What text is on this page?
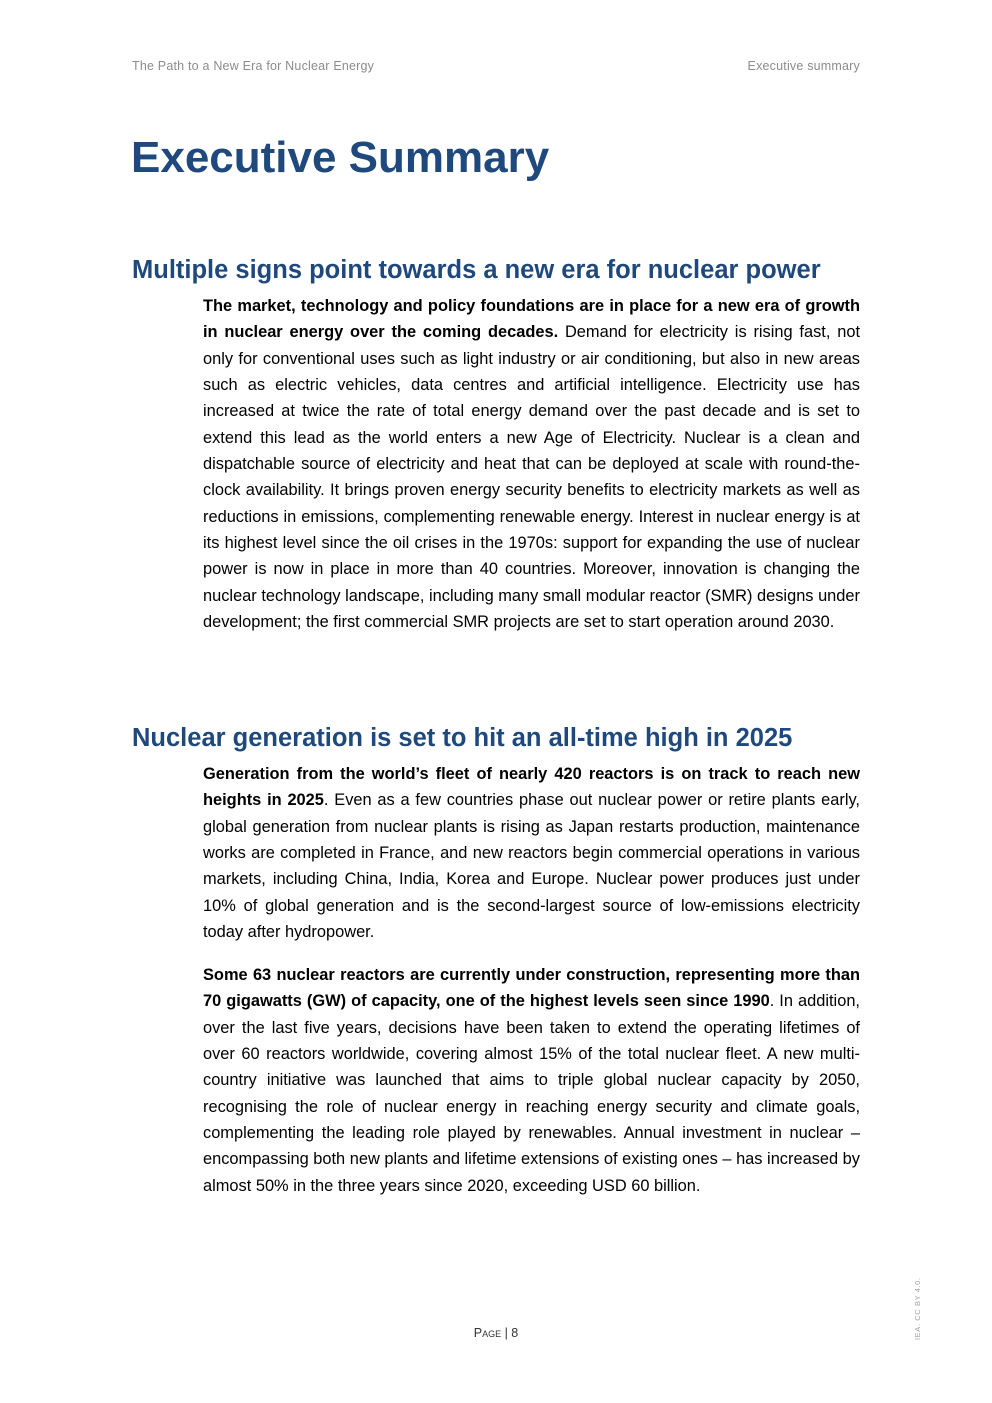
The Path to a New Era for Nuclear Energy	Executive summary
Executive Summary
Multiple signs point towards a new era for nuclear power

The market, technology and policy foundations are in place for a new era of growth in nuclear energy over the coming decades. Demand for electricity is rising fast, not only for conventional uses such as light industry or air conditioning, but also in new areas such as electric vehicles, data centres and artificial intelligence. Electricity use has increased at twice the rate of total energy demand over the past decade and is set to extend this lead as the world enters a new Age of Electricity. Nuclear is a clean and dispatchable source of electricity and heat that can be deployed at scale with round-the-clock availability. It brings proven energy security benefits to electricity markets as well as reductions in emissions, complementing renewable energy. Interest in nuclear energy is at its highest level since the oil crises in the 1970s: support for expanding the use of nuclear power is now in place in more than 40 countries. Moreover, innovation is changing the nuclear technology landscape, including many small modular reactor (SMR) designs under development; the first commercial SMR projects are set to start operation around 2030.

Nuclear generation is set to hit an all-time high in 2025

Generation from the world’s fleet of nearly 420 reactors is on track to reach new heights in 2025. Even as a few countries phase out nuclear power or retire plants early, global generation from nuclear plants is rising as Japan restarts production, maintenance works are completed in France, and new reactors begin commercial operations in various markets, including China, India, Korea and Europe. Nuclear power produces just under 10% of global generation and is the second-largest source of low-emissions electricity today after hydropower.

Some 63 nuclear reactors are currently under construction, representing more than 70 gigawatts (GW) of capacity, one of the highest levels seen since 1990. In addition, over the last five years, decisions have been taken to extend the operating lifetimes of over 60 reactors worldwide, covering almost 15% of the total nuclear fleet. A new multi-country initiative was launched that aims to triple global nuclear capacity by 2050, recognising the role of nuclear energy in reaching energy security and climate goals, complementing the leading role played by renewables. Annual investment in nuclear – encompassing both new plants and lifetime extensions of existing ones – has increased by almost 50% in the three years since 2020, exceeding USD 60 billion.

Page | 8	IEA. CC BY 4.0.
